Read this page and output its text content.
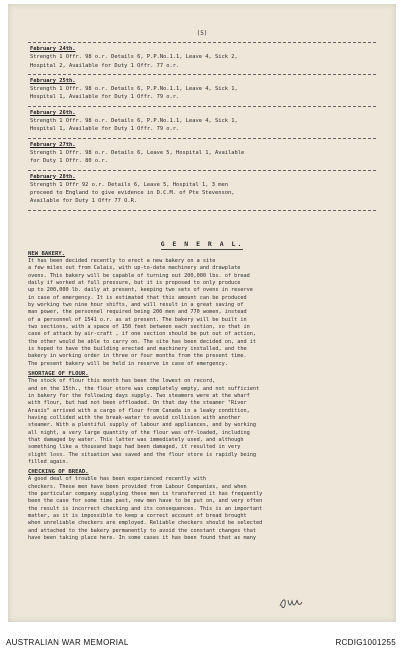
(5)
February 24th.
Strength 1 Offr. 98 o.r. Details 6, P.P.No.1.1, Leave 4, Sick 2,
Hospital 2, Available for Duty 1 Offr. 77 o.r.
February 25th.
Strength 1 Offr. 98 o.r. Details 6, P.P.No.1.1, Leave 4, Sick 1,
Hospital 1, Available for Duty 1 Offr. 79 o.r.
February 26th.
Strength 1 Offr. 98 o.r. Details 6, P.P.No.1.1, Leave 4, Sick 1,
Hospital 1, Available for Duty 1 Offr. 79 o.r.
February 27th.
Strength 1 Offr. 98 o.r. Details 6, Leave 5, Hospital 1, Available
for Duty 1 Offr. 80 o.r.
February 28th.
Strength 1 Offr 92 o.r. Details 6, Leave 5, Hospital 1, 3 men
proceed to England to give evidence in D.C.M. of Pte Stevenson,
Available for Duty 1 Offr 77 O.R.
G E N E R A L.
NEW BAKERY.
It has been decided recently to erect a new bakery on a site
a few miles out from Calais, with up-to-date machinery and drawplate
ovens. This bakery will be capable of turning out 200,000 lbs. of bread
daily if worked at full pressure, but it is proposed to only produce
up to 200,000 lb. daily at present, keeping two sets of ovens in reserve
in case of emergency. It is estimated that this amount can be produced
by working two nine hour shifts, and will result in a great saving of
man power, the personnel required being 200 men and 770 women, instead
of a personnel of 1541 o.r. as at present. The bakery will be built in
two sections, with a space of 150 feet between each section, so that in
case of attack by air-craft , if one section should be put out of action,
the other would be able to carry on. The site has been decided on, and it
is hoped to have the building erected and machinery installed, and the
bakery in working order in three or four months from the present time.
The present bakery will be held in reserve in case of emergency.
SHORTAGE OF FLOUR.
The stock of flour this month has been the lowest on record,
and on the 15th., the flour store was completely empty, and not sufficient
in bakery for the following days supply. Two steamers were at the wharf
with flour, but had not been offloaded. On that day the steamer "River
Araxis" arrived with a cargo of flour from Canada in a leaky condition,
having collided with the break-water to avoid collision with another
steamer. With a plentiful supply of labour and appliances, and by working
all night, a very large quantity of the flour was off-loaded, including
that damaged by water. This latter was immediately used, and although
something like a thousand bags had been damaged, it resulted in very
slight loss. The situation was saved and the flour store is rapidly being
filled again.
CHECKING OF BREAD.
A good deal of trouble has been experienced recently with
checkers. These men have been provided from Labour Companies, and when
the particular company supplying these men is transferred it has frequently
been the case for some time past, new men have to be put on, and very often
the result is incorrect checking and its consequences. This is an important
matter, as it is impossible to keep a correct account of bread brought
when unreliable checkers are employed. Reliable checkers should be selected
and attached to the bakery permanently to avoid the constant changes that
have been taking place here. In some cases it has been found that as many
AUSTRALIAN WAR MEMORIAL	RCDIG1001255
